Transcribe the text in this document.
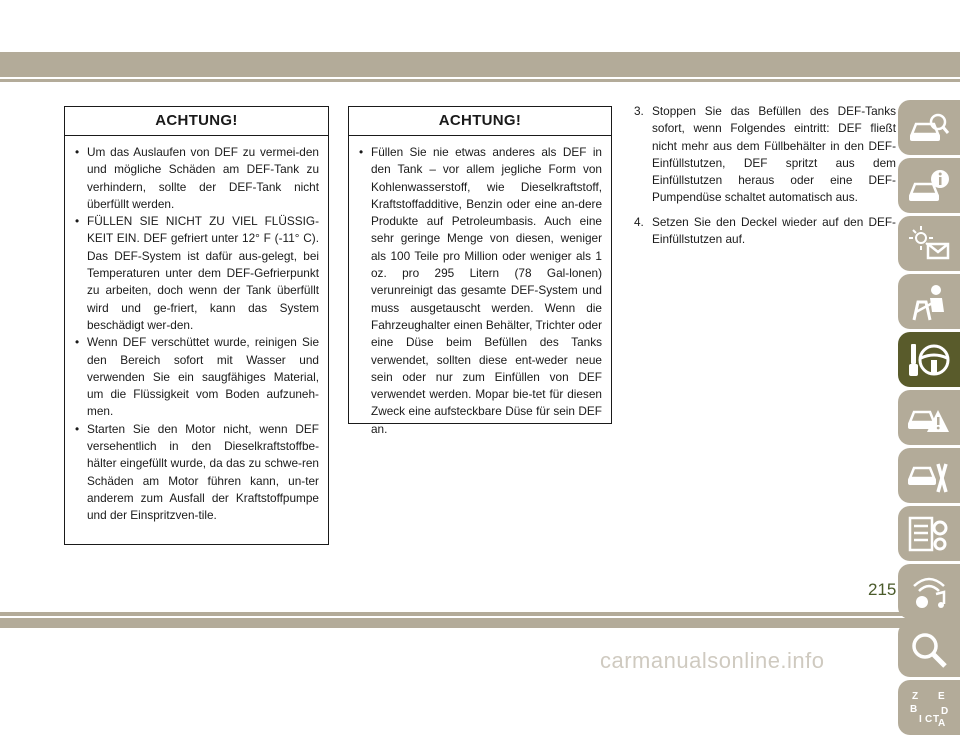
ACHTUNG!
• Um das Auslaufen von DEF zu vermei-den und mögliche Schäden am DEF-Tank zu verhindern, sollte der DEF-Tank nicht überfüllt werden.
• FÜLLEN SIE NICHT ZU VIEL FLÜSSIG-KEIT EIN. DEF gefriert unter 12° F (-11° C). Das DEF-System ist dafür aus-gelegt, bei Temperaturen unter dem DEF-Gefrierpunkt zu arbeiten, doch wenn der Tank überfüllt wird und ge-friert, kann das System beschädigt wer-den.
• Wenn DEF verschüttet wurde, reinigen Sie den Bereich sofort mit Wasser und verwenden Sie ein saugfähiges Material, um die Flüssigkeit vom Boden aufzuneh-men.
• Starten Sie den Motor nicht, wenn DEF versehentlich in den Dieselkraftstoffbe-hälter eingefüllt wurde, da das zu schwe-ren Schäden am Motor führen kann, un-ter anderem zum Ausfall der Kraftstoffpumpe und der Einspritzven-tile.
ACHTUNG!
• Füllen Sie nie etwas anderes als DEF in den Tank – vor allem jegliche Form von Kohlenwasserstoff, wie Dieselkraftstoff, Kraftstoffadditive, Benzin oder eine an-dere Produkte auf Petroleumbasis. Auch eine sehr geringe Menge von diesen, weniger als 100 Teile pro Million oder weniger als 1 oz. pro 295 Litern (78 Gal-lonen) verunreinigt das gesamte DEF-System und muss ausgetauscht werden. Wenn die Fahrzeughalter einen Behälter, Trichter oder eine Düse beim Befüllen des Tanks verwendet, sollten diese ent-weder neue sein oder nur zum Einfüllen von DEF verwendet werden. Mopar bie-tet für diesen Zweck eine aufsteckbare Düse für sein DEF an.
3. Stoppen Sie das Befüllen des DEF-Tanks sofort, wenn Folgendes eintritt: DEF fließt nicht mehr aus dem Füllbehälter in den DEF-Einfüllstutzen, DEF spritzt aus dem Einfüllstutzen heraus oder eine DEF-Pumpendüse schaltet automatisch aus.
4. Setzen Sie den Deckel wieder auf den DEF-Einfüllstutzen auf.
Z E
B
I C T
D
A
215
carmanualsonline.info
